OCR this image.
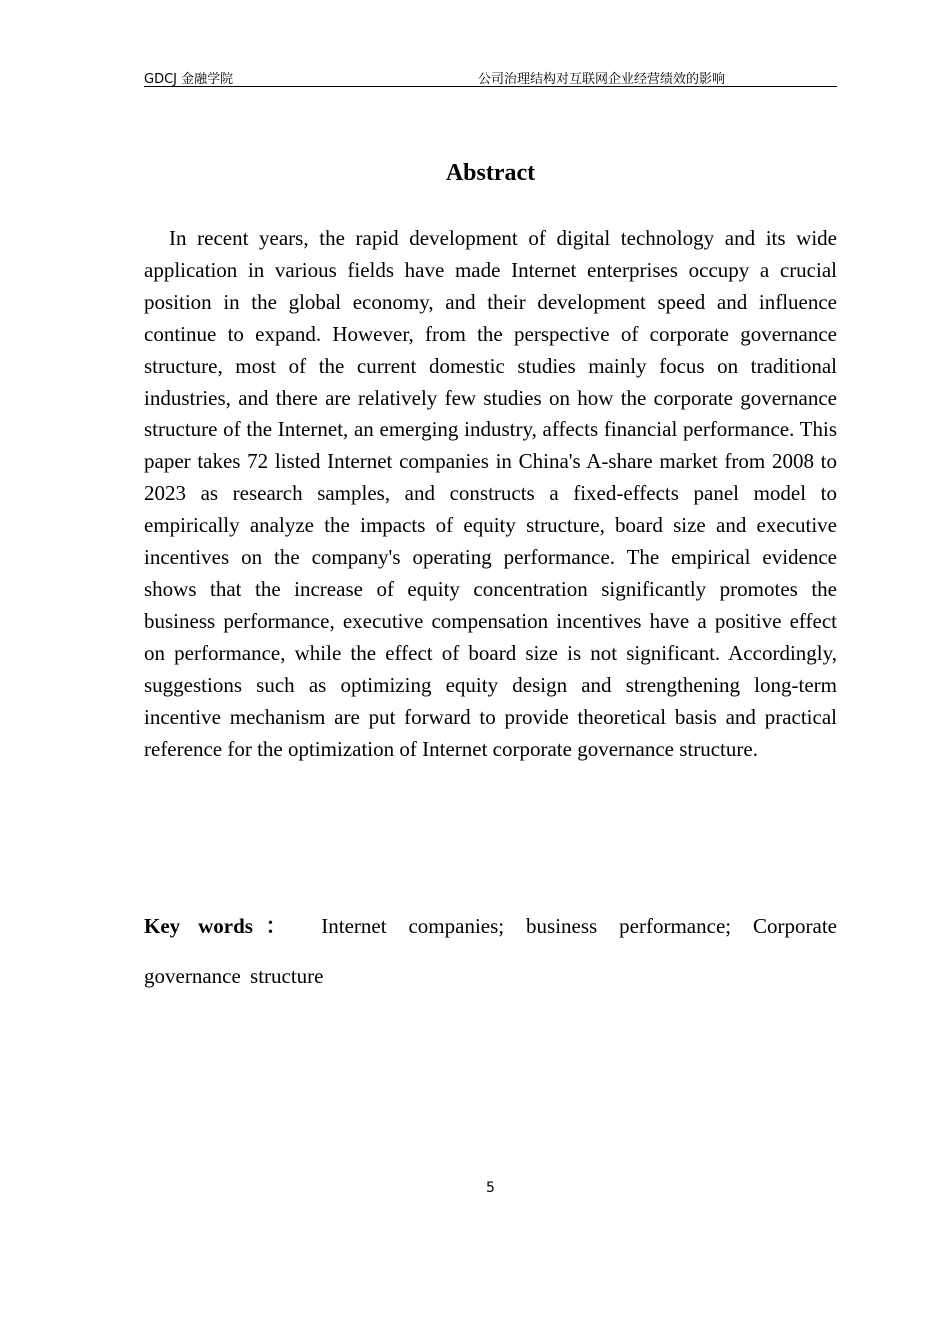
GDCJ 金融学院	公司治理结构对互联网企业经营绩效的影响
Abstract

In recent years, the rapid development of digital technology and its wide application in various fields have made Internet enterprises occupy a crucial position in the global economy, and their development speed and influence continue to expand. However, from the perspective of corporate governance structure, most of the current domestic studies mainly focus on traditional industries, and there are relatively few studies on how the corporate governance structure of the Internet, an emerging industry, affects financial performance. This paper takes 72 listed Internet companies in China's A-share market from 2008 to 2023 as research samples, and constructs a fixed-effects panel model to empirically analyze the impacts of equity structure, board size and executive incentives on the company's operating performance. The empirical evidence shows that the increase of equity concentration significantly promotes the business performance, executive compensation incentives have a positive effect on performance, while the effect of board size is not significant. Accordingly, suggestions such as optimizing equity design and strengthening long-term incentive mechanism are put forward to provide theoretical basis and practical reference for the optimization of Internet corporate governance structure.

Key words： Internet companies; business performance; Corporate governance structure

5
